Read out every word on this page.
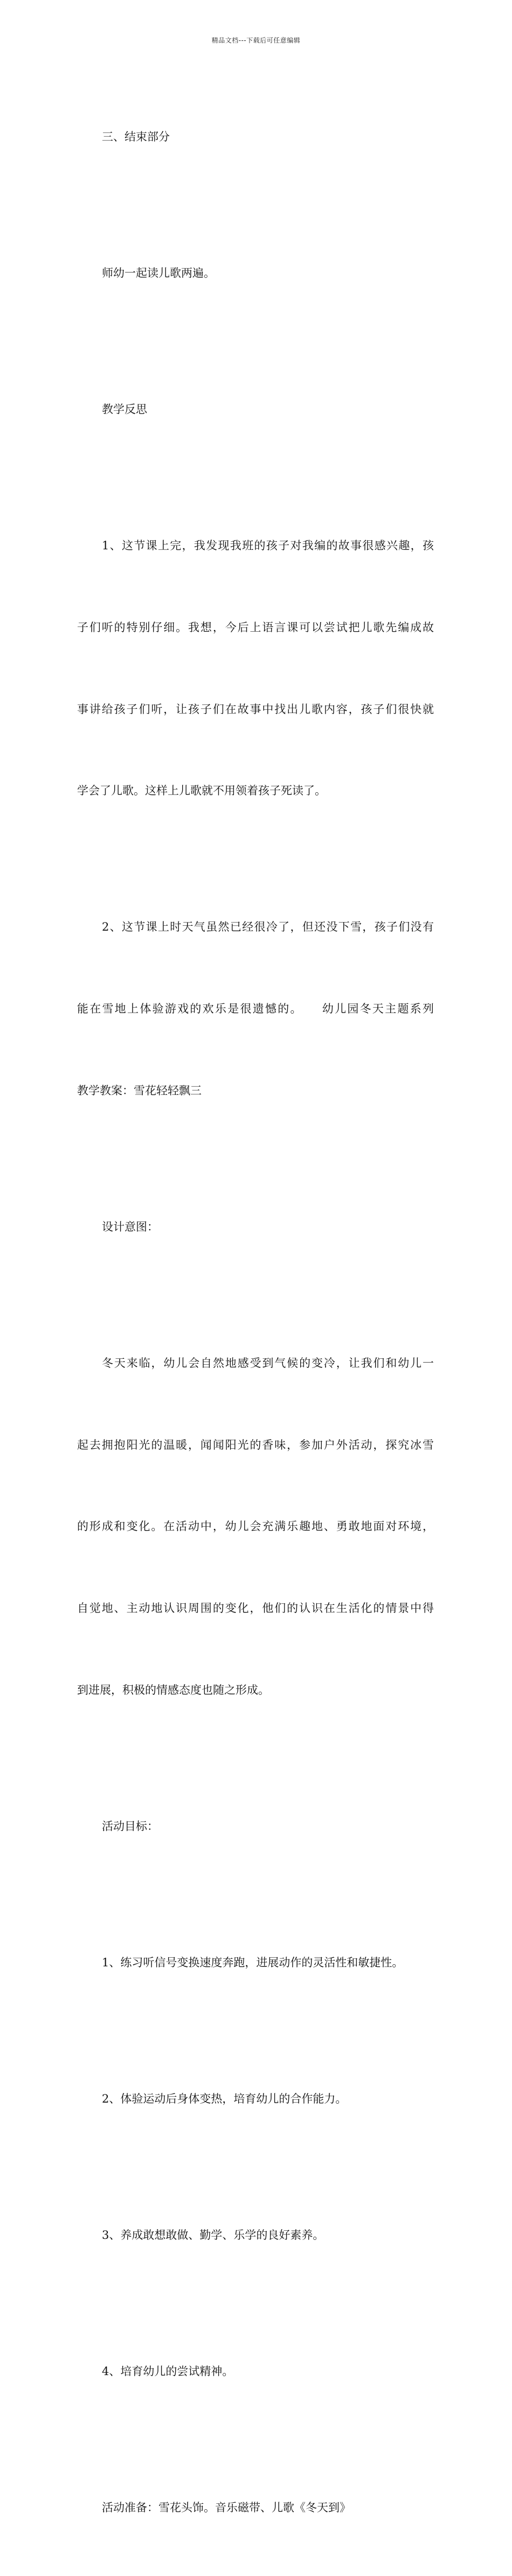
精品文档---下载后可任意编辑

三、结束部分

师幼一起读儿歌两遍。

教学反思

1、这节课上完，我发现我班的孩子对我编的故事很感兴趣，孩

子们听的特别仔细。我想，今后上语言课可以尝试把儿歌先编成故

事讲给孩子们听，让孩子们在故事中找出儿歌内容，孩子们很快就

学会了儿歌。这样上儿歌就不用领着孩子死读了。

2、这节课上时天气虽然已经很冷了，但还没下雪，孩子们没有

能在雪地上体验游戏的欢乐是很遗憾的。　　幼儿园冬天主题系列

教学教案：雪花轻轻飘三

设计意图：

冬天来临，幼儿会自然地感受到气候的变冷，让我们和幼儿一

起去拥抱阳光的温暖，闻闻阳光的香味，参加户外活动，探究冰雪

的形成和变化。在活动中，幼儿会充满乐趣地、勇敢地面对环境，

自觉地、主动地认识周围的变化，他们的认识在生活化的情景中得

到进展，积极的情感态度也随之形成。

活动目标：

1、练习听信号变换速度奔跑，进展动作的灵活性和敏捷性。

2、体验运动后身体变热，培育幼儿的合作能力。

3、养成敢想敢做、勤学、乐学的良好素养。

4、培育幼儿的尝试精神。

活动准备：雪花头饰。音乐磁带、儿歌《冬天到》
